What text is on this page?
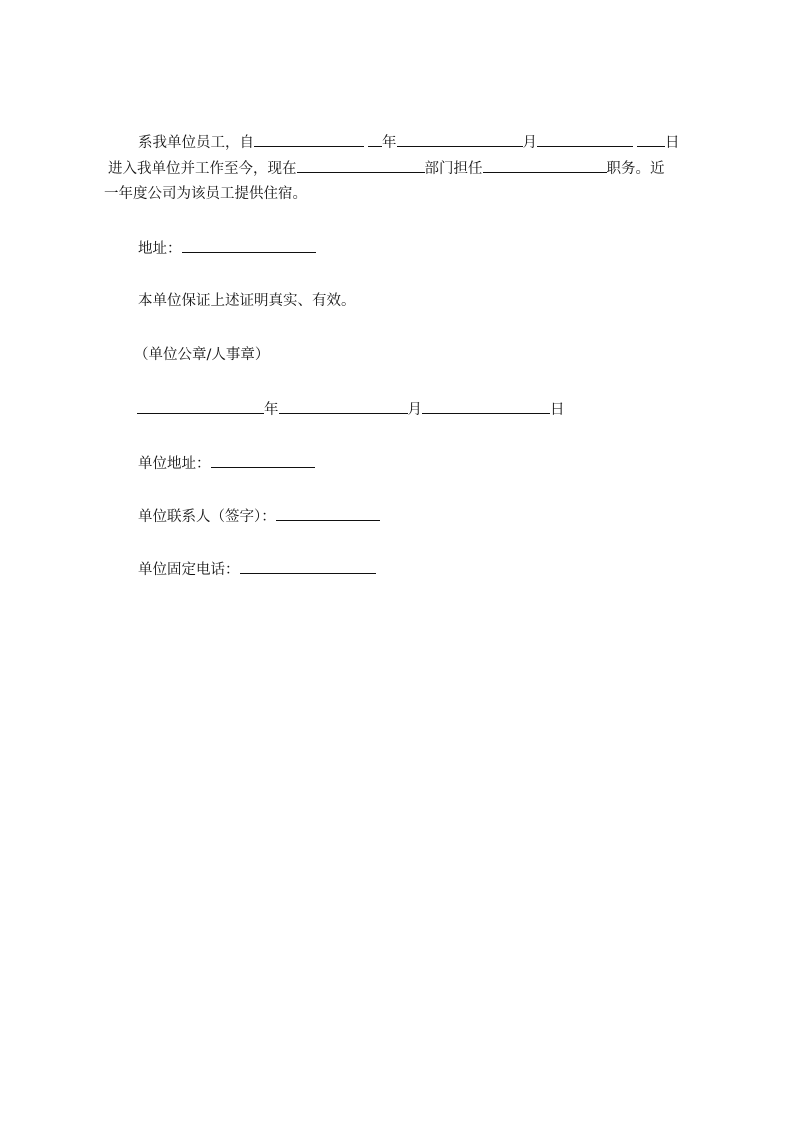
系我单位员工，自	年	月	日
进入我单位并工作至今，现在	部门担任	职务。近
一年度公司为该员工提供住宿。
地址：
本单位保证上述证明真实、有效。
（单位公章/人事章）
年	月	日
单位地址：
单位联系人（签字）：
单位固定电话：
